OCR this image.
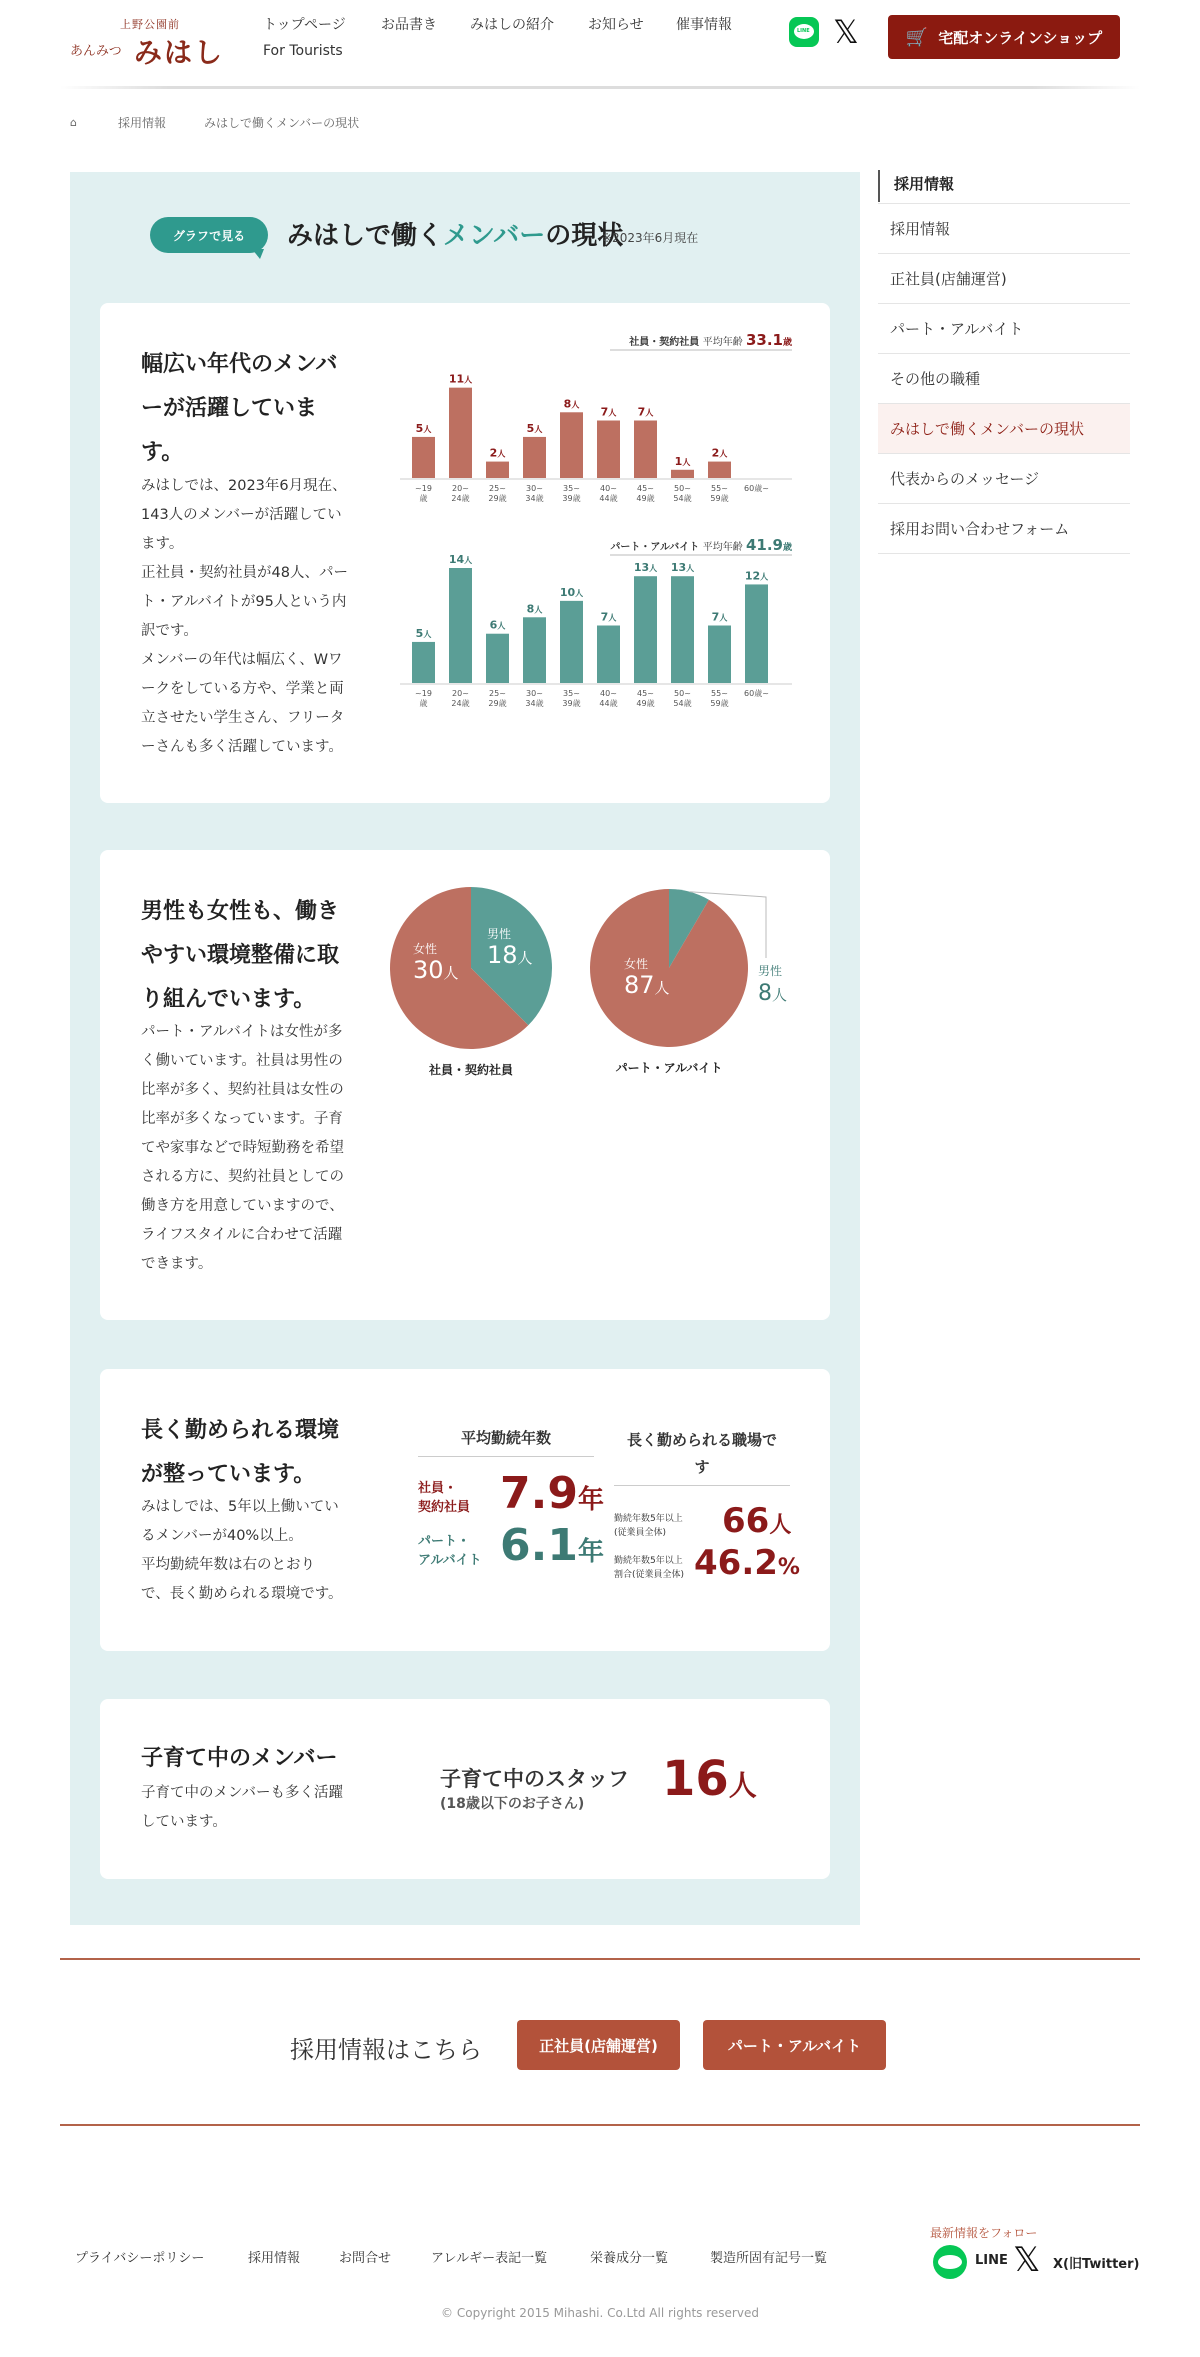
上野公園前
あんみつ みはし
トップページ	お品書き みはしの紹介 お知らせ 催事情報
For Tourists
LINE 𝕏	🛒 宅配オンラインショップ
⌂	採用情報	みはしで働くメンバーの現状
グラフで見る	みはしで働くメンバーの現状
※2023年6月現在
幅広い年代のメンバ
ーが活躍していま
す。

みはしでは、2023年6月現在、
143人のメンバーが活躍してい
ます。
正社員・契約社員が48人、パー
ト・アルバイトが95人という内
訳です。
メンバーの年代は幅広く、Wワ
ークをしている方や、学業と両
立させたい学生さん、フリータ
ーさんも多く活躍しています。

社員・契約社員 平均年齢 33.1歳
5人
~19
歳
11人
20~
24歳
2人
25~
29歳
5人
30~
34歳
8人
35~
39歳
7人
40~
44歳
7人
45~
49歳
1人
50~
54歳
2人
55~
59歳
60歳~
パート・アルバイト 平均年齢 41.9歳
5人
~19
歳
14人
20~
24歳
6人
25~
29歳
8人
30~
34歳
10人
35~
39歳
7人
40~
44歳
13人
45~
49歳
13人
50~
54歳
7人
55~
59歳
12人
60歳~
男性も女性も、働き
やすい環境整備に取
り組んでいます。

パート・アルバイトは女性が多
く働いています。社員は男性の
比率が多く、契約社員は女性の
比率が多くなっています。子育
てや家事などで時短勤務を希望
される方に、契約社員としての
働き方を用意していますので、
ライフスタイルに合わせて活躍
できます。

女性
30人
男性
18人
社員・契約社員
女性
87人
男性
8人
パート・アルバイト
長く勤められる環境
が整っています。

みはしでは、5年以上働いてい
るメンバーが40%以上。
平均勤続年数は右のとおり
で、長く勤められる環境です。

平均勤続年数
社員・
契約社員 7.9年
パート・
アルバイト 6.1年
長く勤められる職場で
す
勤続年数5年以上
(従業員全体)	66人
勤続年数5年以上
割合(従業員全体) 46.2%
子育て中のメンバー

子育て中のメンバーも多く活躍
しています。

子育て中のスタッフ
(18歳以下のお子さん) 16人
採用情報
採用情報
正社員(店舗運営)
パート・アルバイト
その他の職種
みはしで働くメンバーの現状
代表からのメッセージ
採用お問い合わせフォーム
採用情報はこちら	正社員(店舗運営)	パート・アルバイト
プライバシーポリシー	採用情報	お問合せ	アレルギー表記一覧	栄養成分一覧	製造所固有記号一覧
最新情報をフォロー
LINE 𝕏 X(旧Twitter)
© Copyright 2015 Mihashi. Co.Ltd All rights reserved
